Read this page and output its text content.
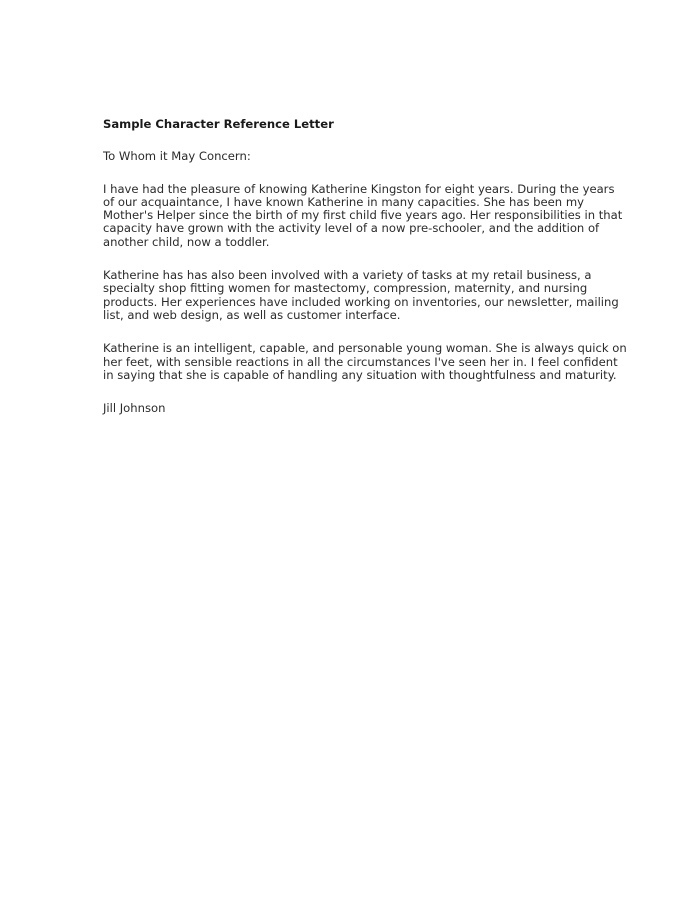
Sample Character Reference Letter
To Whom it May Concern:
I have had the pleasure of knowing Katherine Kingston for eight years. During the years
of our acquaintance, I have known Katherine in many capacities. She has been my
Mother's Helper since the birth of my first child five years ago. Her responsibilities in that
capacity have grown with the activity level of a now pre-schooler, and the addition of
another child, now a toddler.
Katherine has has also been involved with a variety of tasks at my retail business, a
specialty shop fitting women for mastectomy, compression, maternity, and nursing
products. Her experiences have included working on inventories, our newsletter, mailing
list, and web design, as well as customer interface.
Katherine is an intelligent, capable, and personable young woman. She is always quick on
her feet, with sensible reactions in all the circumstances I've seen her in. I feel confident
in saying that she is capable of handling any situation with thoughtfulness and maturity.
Jill Johnson
